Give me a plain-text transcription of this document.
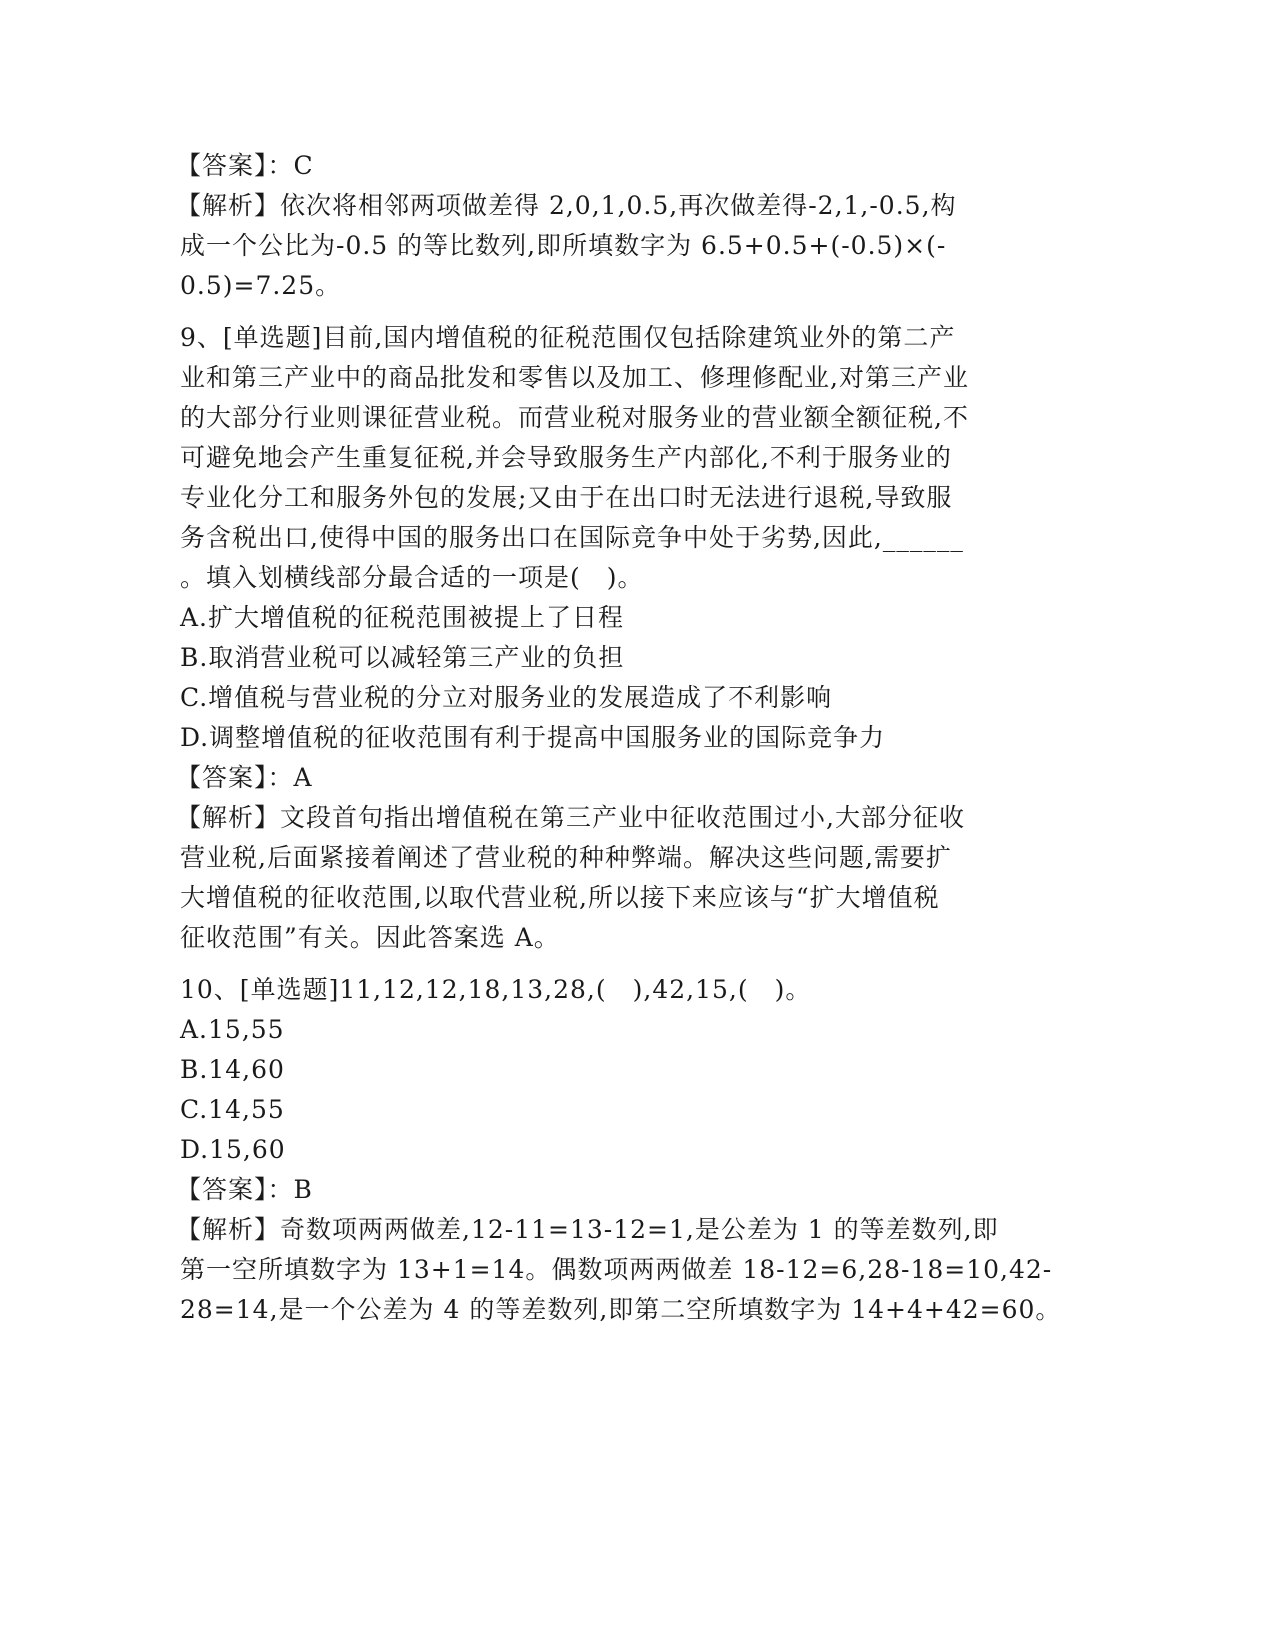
【答案】：C
【解析】依次将相邻两项做差得 2,0,1,0.5,再次做差得-2,1,-0.5,构
成一个公比为-0.5 的等比数列,即所填数字为 6.5+0.5+(-0.5)×(-
0.5)=7.25。
9、[单选题]目前,国内增值税的征税范围仅包括除建筑业外的第二产
业和第三产业中的商品批发和零售以及加工、修理修配业,对第三产业
的大部分行业则课征营业税。而营业税对服务业的营业额全额征税,不
可避免地会产生重复征税,并会导致服务生产内部化,不利于服务业的
专业化分工和服务外包的发展;又由于在出口时无法进行退税,导致服
务含税出口,使得中国的服务出口在国际竞争中处于劣势,因此,______
。填入划横线部分最合适的一项是(　)。
A.扩大增值税的征税范围被提上了日程
B.取消营业税可以减轻第三产业的负担
C.增值税与营业税的分立对服务业的发展造成了不利影响
D.调整增值税的征收范围有利于提高中国服务业的国际竞争力
【答案】：A
【解析】文段首句指出增值税在第三产业中征收范围过小,大部分征收
营业税,后面紧接着阐述了营业税的种种弊端。解决这些问题,需要扩
大增值税的征收范围,以取代营业税,所以接下来应该与“扩大增值税
征收范围”有关。因此答案选 A。
10、[单选题]11,12,12,18,13,28,(　),42,15,(　)。
A.15,55
B.14,60
C.14,55
D.15,60
【答案】：B
【解析】奇数项两两做差,12-11=13-12=1,是公差为 1 的等差数列,即
第一空所填数字为 13+1=14。偶数项两两做差 18-12=6,28-18=10,42-
28=14,是一个公差为 4 的等差数列,即第二空所填数字为 14+4+42=60。
